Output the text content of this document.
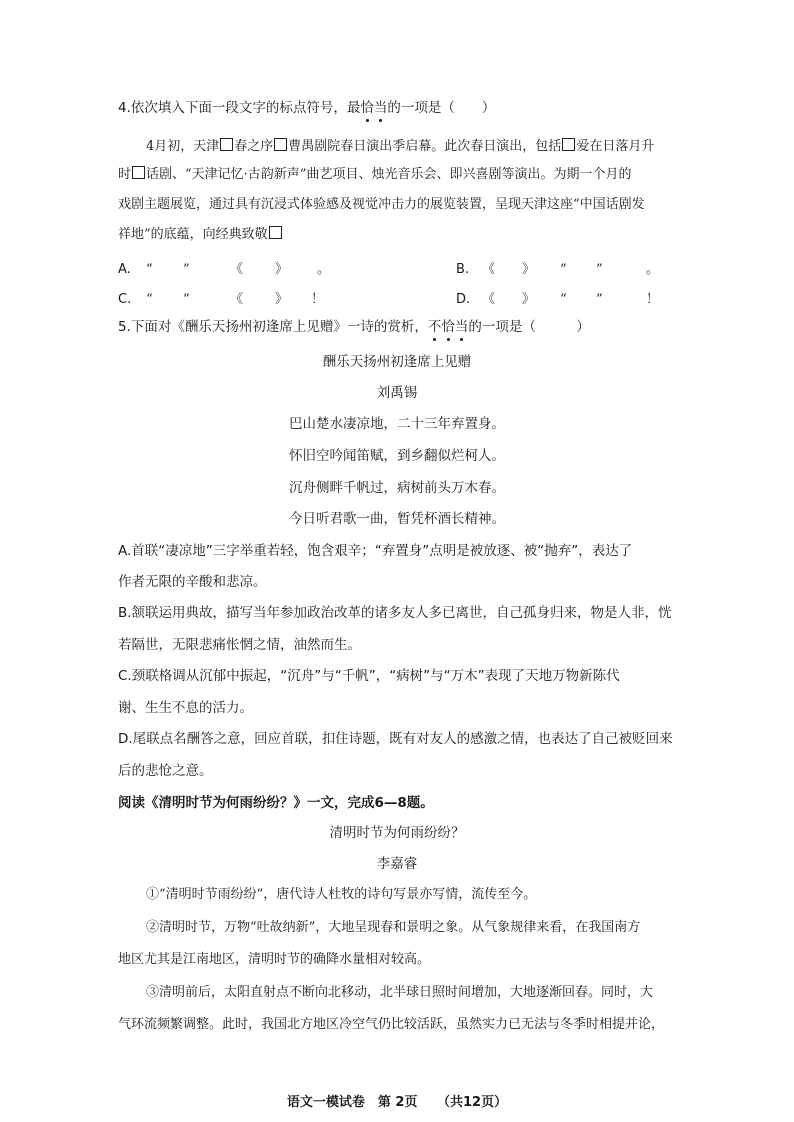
4.依次填入下面一段文字的标点符号，最恰当的一项是（　　）
4月初，天津 春之序 曹禺剧院春日演出季启幕。此次春日演出，包括 爱在日落月升
时 话剧、“天津记忆·古韵新声”曲艺项目、烛光音乐会、即兴喜剧等演出。为期一个月的
戏剧主题展览，通过具有沉浸式体验感及视觉冲击力的展览装置，呈现天津这座“中国话剧发
祥地”的底蕴，向经典致敬
A. “ ”	《 》 。	B. 《 》 “ ”	。
C. “ ”	《 》 ！	D. 《 》 “ ”	！
5.下面对《酬乐天扬州初逢席上见赠》一诗的赏析，不恰当的一项是（　　　）
酬乐天扬州初逢席上见赠
刘禹锡
巴山楚水凄凉地，二十三年弃置身。
怀旧空吟闻笛赋，到乡翻似烂柯人。
沉舟侧畔千帆过，病树前头万木春。
今日听君歌一曲，暂凭杯酒长精神。
A.首联“凄凉地”三字举重若轻，饱含艰辛；“弃置身”点明是被放逐、被“抛弃”，表达了
作者无限的辛酸和悲凉。
B.颔联运用典故，描写当年参加政治改革的诸多友人多已离世，自己孤身归来，物是人非，恍
若隔世，无限悲痛怅惘之情，油然而生。
C.颈联格调从沉郁中振起，“沉舟”与“千帆”，“病树”与“万木”表现了天地万物新陈代
谢、生生不息的活力。
D.尾联点名酬答之意，回应首联，扣住诗题，既有对友人的感激之情，也表达了自己被贬回来
后的悲怆之意。
阅读《清明时节为何雨纷纷？》一文，完成6—8题。
清明时节为何雨纷纷？
李嘉睿
①“清明时节雨纷纷”，唐代诗人杜牧的诗句写景亦写情，流传至今。
②清明时节，万物“吐故纳新”，大地呈现春和景明之象。从气象规律来看，在我国南方
地区尤其是江南地区，清明时节的确降水量相对较高。
③清明前后，太阳直射点不断向北移动，北半球日照时间增加，大地逐渐回春。同时，大
气环流频繁调整。此时，我国北方地区冷空气仍比较活跃，虽然实力已无法与冬季时相提并论，
语文一模试卷　第 2页　　（共12页）
